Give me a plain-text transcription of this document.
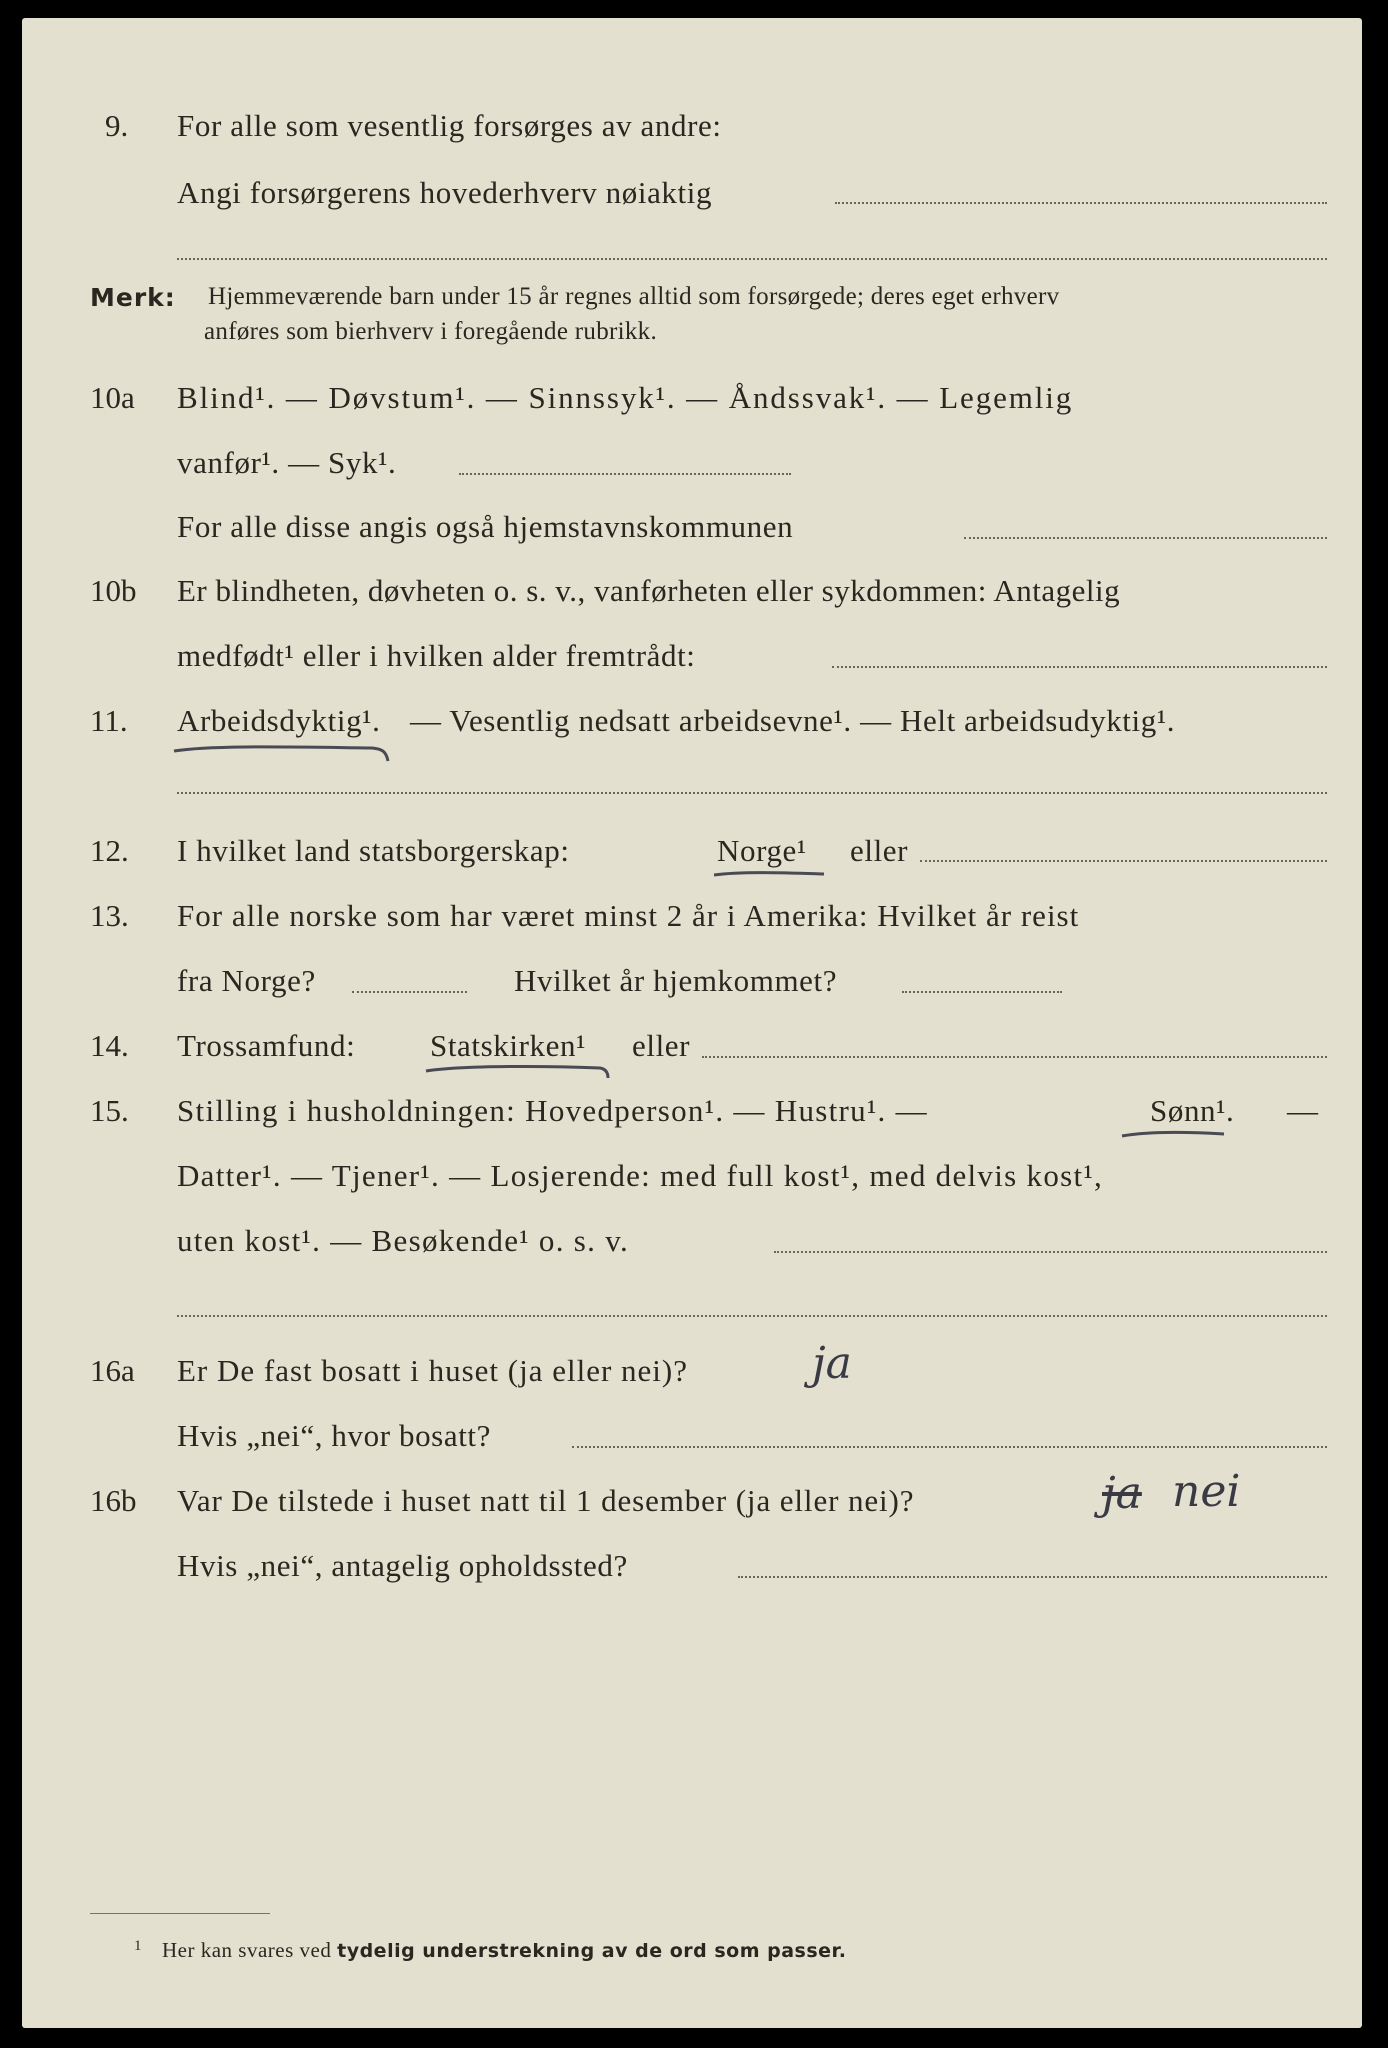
9. For alle som vesentlig forsørges av andre:
Angi forsørgerens hovederhverv nøiaktig
Merk: Hjemmeværende barn under 15 år regnes alltid som forsørgede; deres eget erhverv
anføres som bierhverv i foregående rubrikk.
10a Blind¹. — Døvstum¹. — Sinnssyk¹. — Åndssvak¹. — Legemlig
vanfør¹. — Syk¹.
For alle disse angis også hjemstavnskommunen
10b Er blindheten, døvheten o. s. v., vanførheten eller sykdommen: Antagelig
medfødt¹ eller i hvilken alder fremtrådt:
11. Arbeidsdyktig¹. — Vesentlig nedsatt arbeidsevne¹. — Helt arbeidsudyktig¹.
12. I hvilket land statsborgerskap:	Norge¹ eller
13. For alle norske som har været minst 2 år i Amerika: Hvilket år reist
fra Norge?	Hvilket år hjemkommet?
14. Trossamfund: Statskirken¹ eller
15. Stilling i husholdningen: Hovedperson¹. — Hustru¹. —	Sønn¹. —
Datter¹. — Tjener¹. — Losjerende: med full kost¹, med delvis kost¹,
uten kost¹. — Besøkende¹ o. s. v.
16a Er De fast bosatt i huset (ja eller nei)?	ja
Hvis „nei“, hvor bosatt?
16b Var De tilstede i huset natt til 1 desember (ja eller nei)?	ja nei
Hvis „nei“, antagelig opholdssted?
1 Her kan svares ved tydelig understrekning av de ord som passer.
